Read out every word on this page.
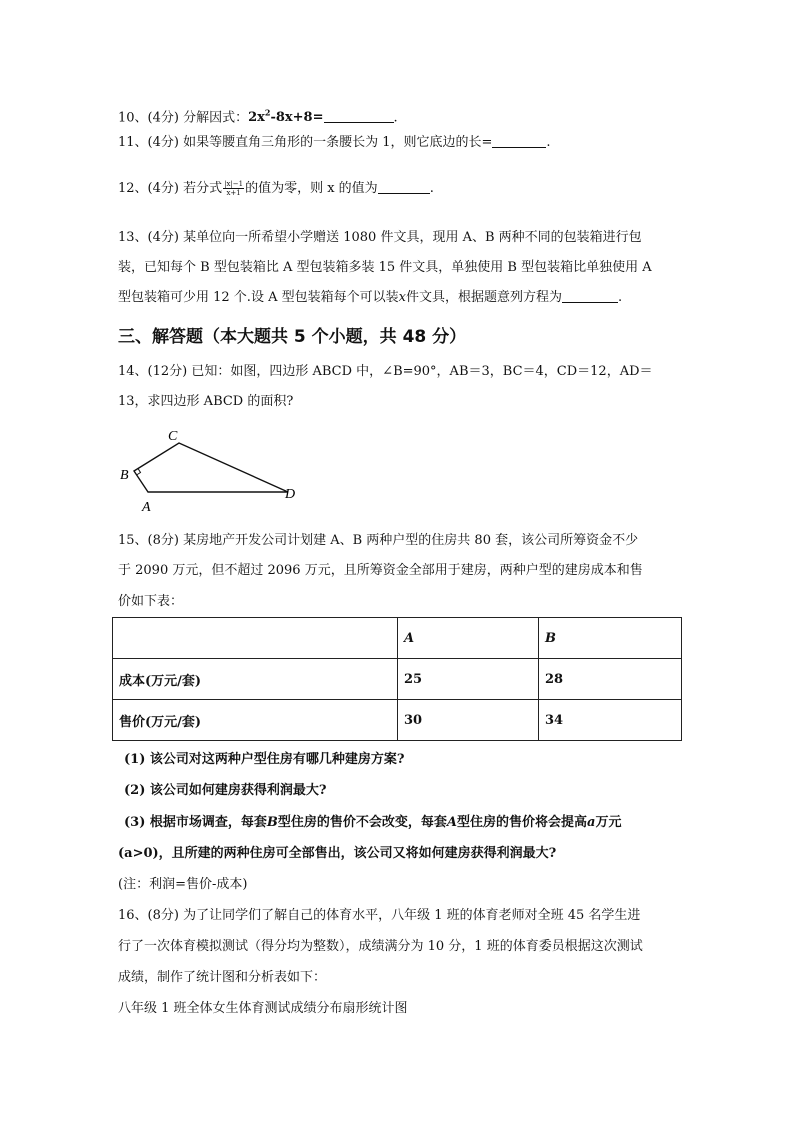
10、(4分) 分解因式：$2x^2-8x+8=$	.
11、(4分) 如果等腰直角三角形的一条腰长为 1，则它底边的长=	.
12、(4分) 若分式 $\frac{|x|-1}{x+1}$ 的值为零，则 x 的值为	.
13、(4分) 某单位向一所希望小学赠送 1080 件文具，现用 A、B 两种不同的包装箱进行包
装，已知每个 B 型包装箱比 A 型包装箱多装 15 件文具，单独使用 B 型包装箱比单独使用 A
型包装箱可少用 12 个.设 A 型包装箱每个可以装x件文具，根据题意列方程为	.
三、解答题（本大题共 5 个小题，共 48 分）
14、(12分) 已知：如图，四边形 ABCD 中，∠B=90°，AB＝3，BC＝4，CD＝12，AD＝
13，求四边形 ABCD 的面积?
C
B
A
D
15、(8分) 某房地产开发公司计划建 A、B 两种户型的住房共 80 套，该公司所筹资金不少
于 2090 万元，但不超过 2096 万元，且所筹资金全部用于建房，两种户型的建房成本和售
价如下表：
	A	B
成本(万元/套)	25	28
售价(万元/套)	30	34
(1) 该公司对这两种户型住房有哪几种建房方案?
(2) 该公司如何建房获得利润最大?
(3) 根据市场调查，每套B型住房的售价不会改变，每套A型住房的售价将会提高a万元
(a>0)，且所建的两种住房可全部售出，该公司又将如何建房获得利润最大?
(注：利润=售价-成本)
16、(8分) 为了让同学们了解自己的体育水平，八年级 1 班的体育老师对全班 45 名学生进
行了一次体育模拟测试（得分均为整数），成绩满分为 10 分，1 班的体育委员根据这次测试
成绩，制作了统计图和分析表如下：
八年级 1 班全体女生体育测试成绩分布扇形统计图
